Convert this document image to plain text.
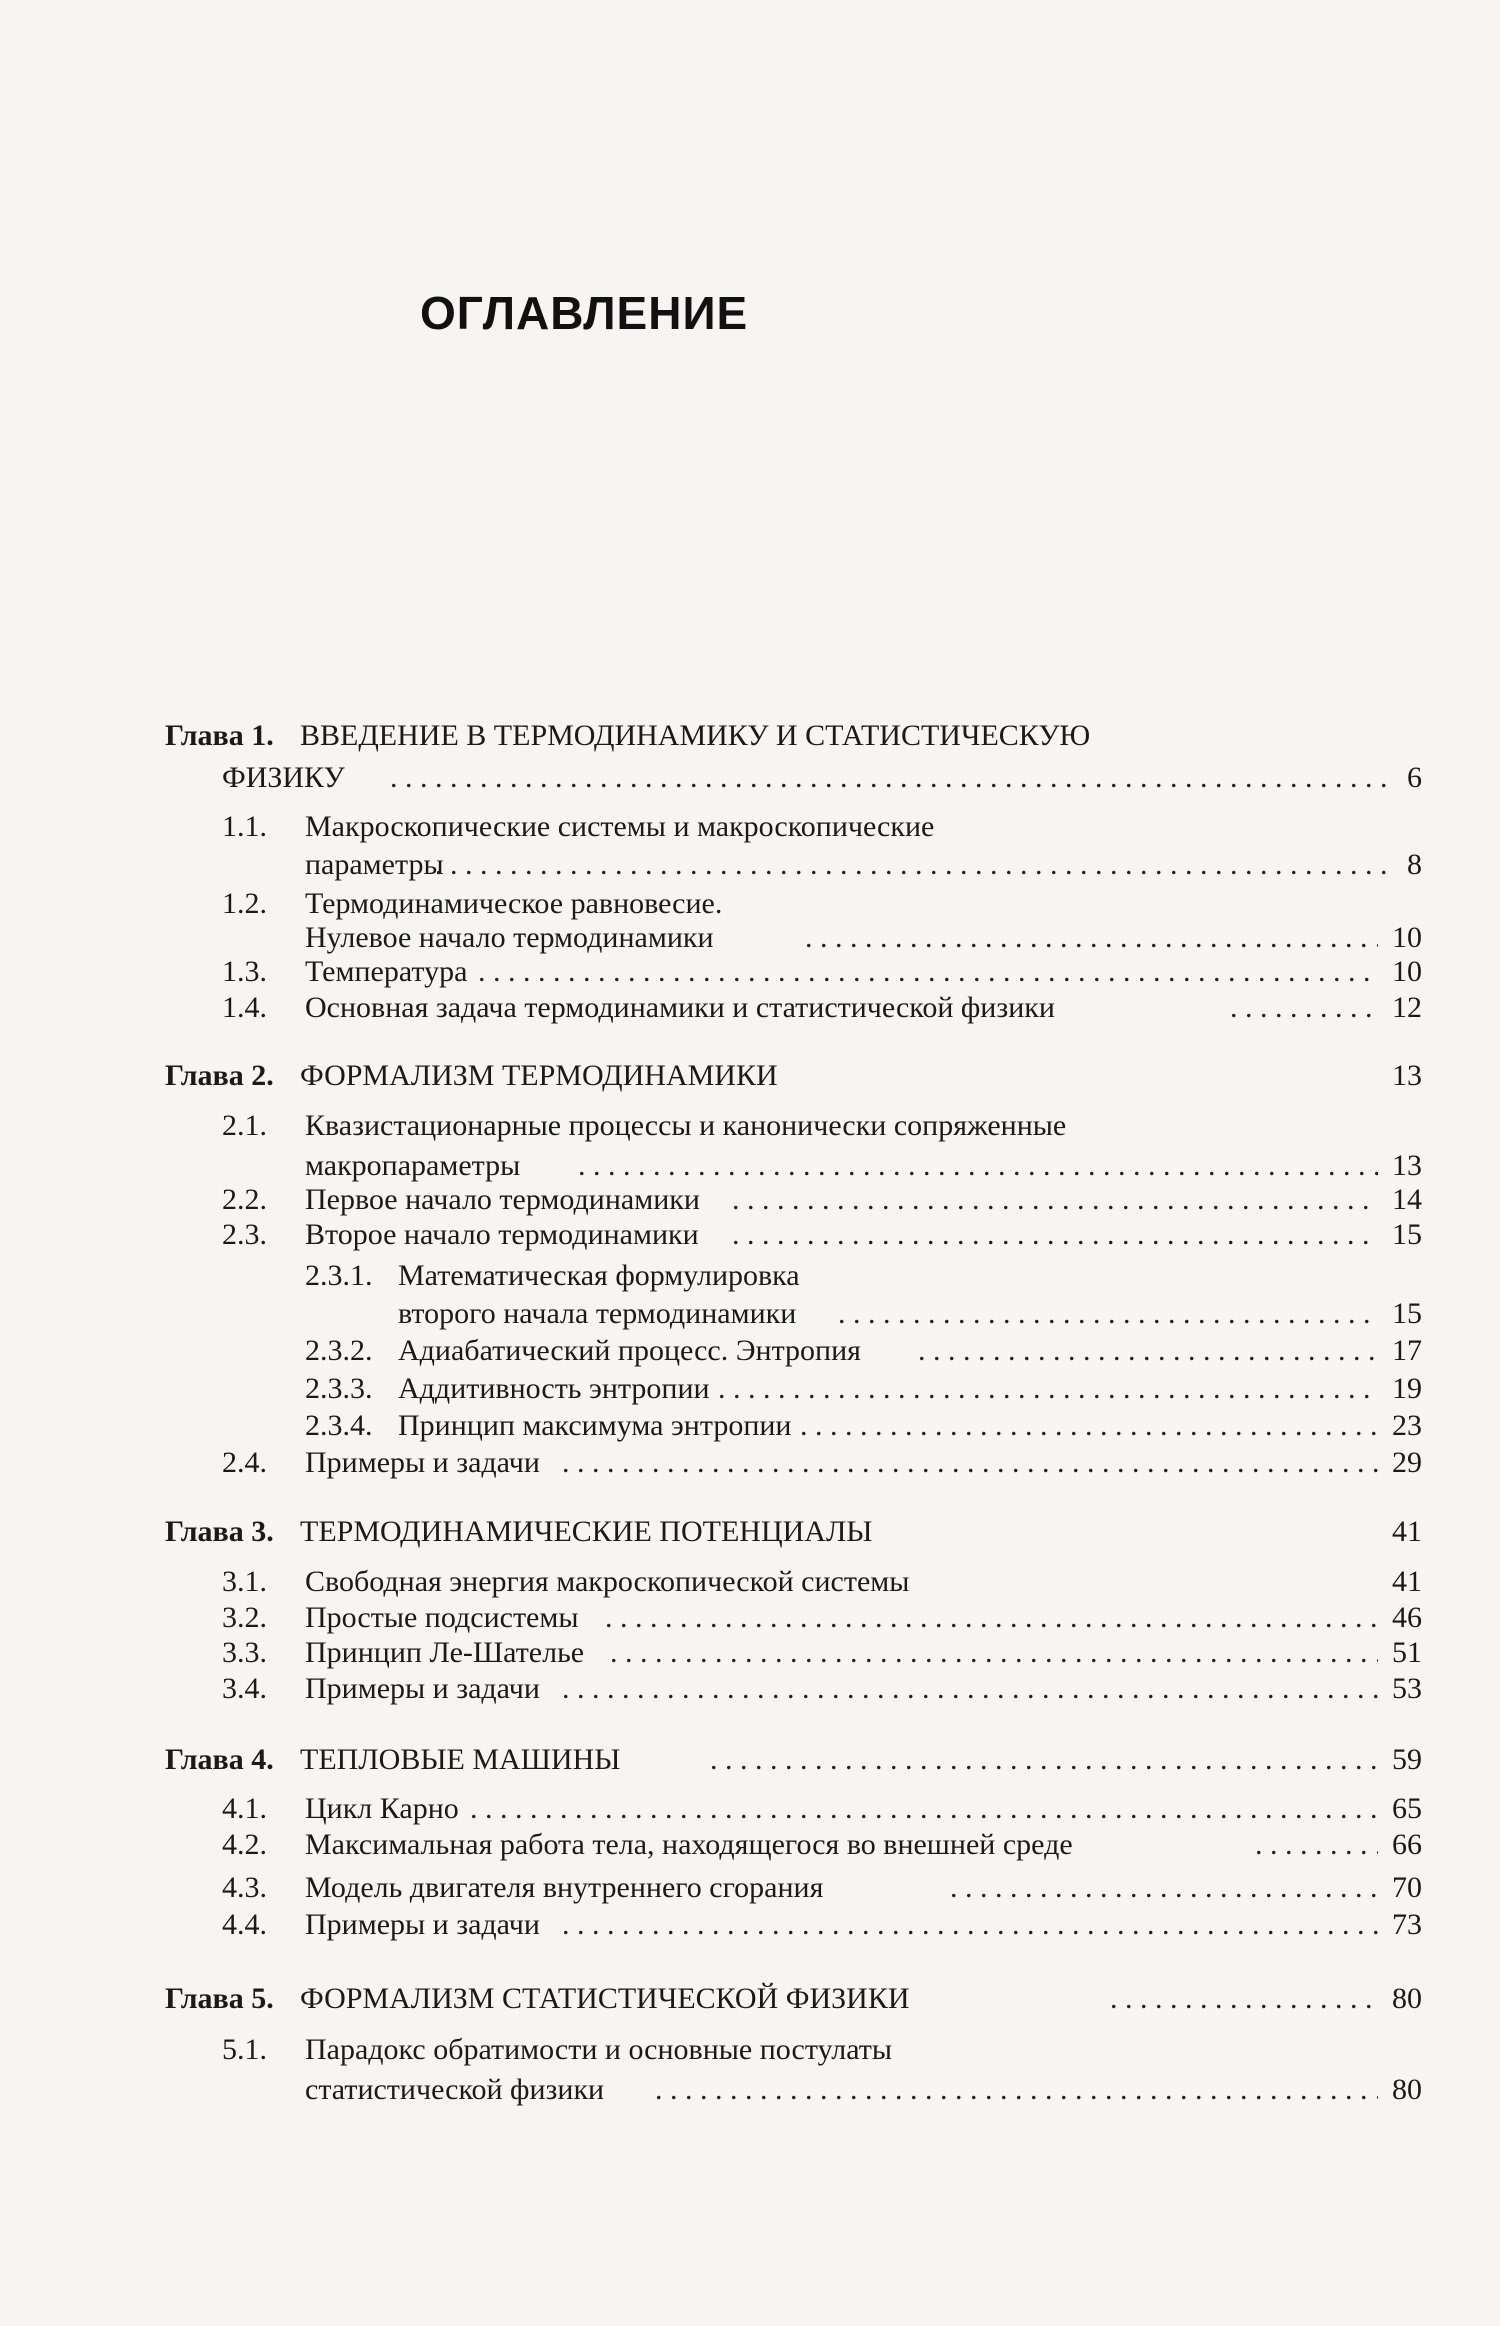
ОГЛАВЛЕНИЕ
Глава 1. ВВЕДЕНИЕ В ТЕРМОДИНАМИКУ И СТАТИСТИЧЕСКУЮ
ФИЗИКУ . . .	6
1.1. Макроскопические системы и макроскопические
параметры . . .	8
1.2. Термодинамическое равновесие.
Нулевое начало термодинамики . . .	10
1.3. Температура . . .	10
1.4. Основная задача термодинамики и статистической физики . . .	12
Глава 2. ФОРМАЛИЗМ ТЕРМОДИНАМИКИ	13
2.1. Квазистационарные процессы и канонически сопряженные
макропараметры . . .	13
2.2. Первое начало термодинамики . . .	14
2.3. Второе начало термодинамики . . .	15
2.3.1. Математическая формулировка
второго начала термодинамики . . .	15
2.3.2. Адиабатический процесс. Энтропия . . .	17
2.3.3. Аддитивность энтропии . . .	19
2.3.4. Принцип максимума энтропии . . .	23
2.4. Примеры и задачи . . .	29
Глава 3. ТЕРМОДИНАМИЧЕСКИЕ ПОТЕНЦИАЛЫ	41
3.1. Свободная энергия макроскопической системы	41
3.2. Простые подсистемы . . .	46
3.3. Принцип Ле-Шателье . . .	51
3.4. Примеры и задачи . . .	53
Глава 4. ТЕПЛОВЫЕ МАШИНЫ . . .	59
4.1. Цикл Карно . . .	65
4.2. Максимальная работа тела, находящегося во внешней среде . . .	66
4.3. Модель двигателя внутреннего сгорания . . .	70
4.4. Примеры и задачи . . .	73
Глава 5. ФОРМАЛИЗМ СТАТИСТИЧЕСКОЙ ФИЗИКИ . . .	80
5.1. Парадокс обратимости и основные постулаты
статистической физики . . .	80
